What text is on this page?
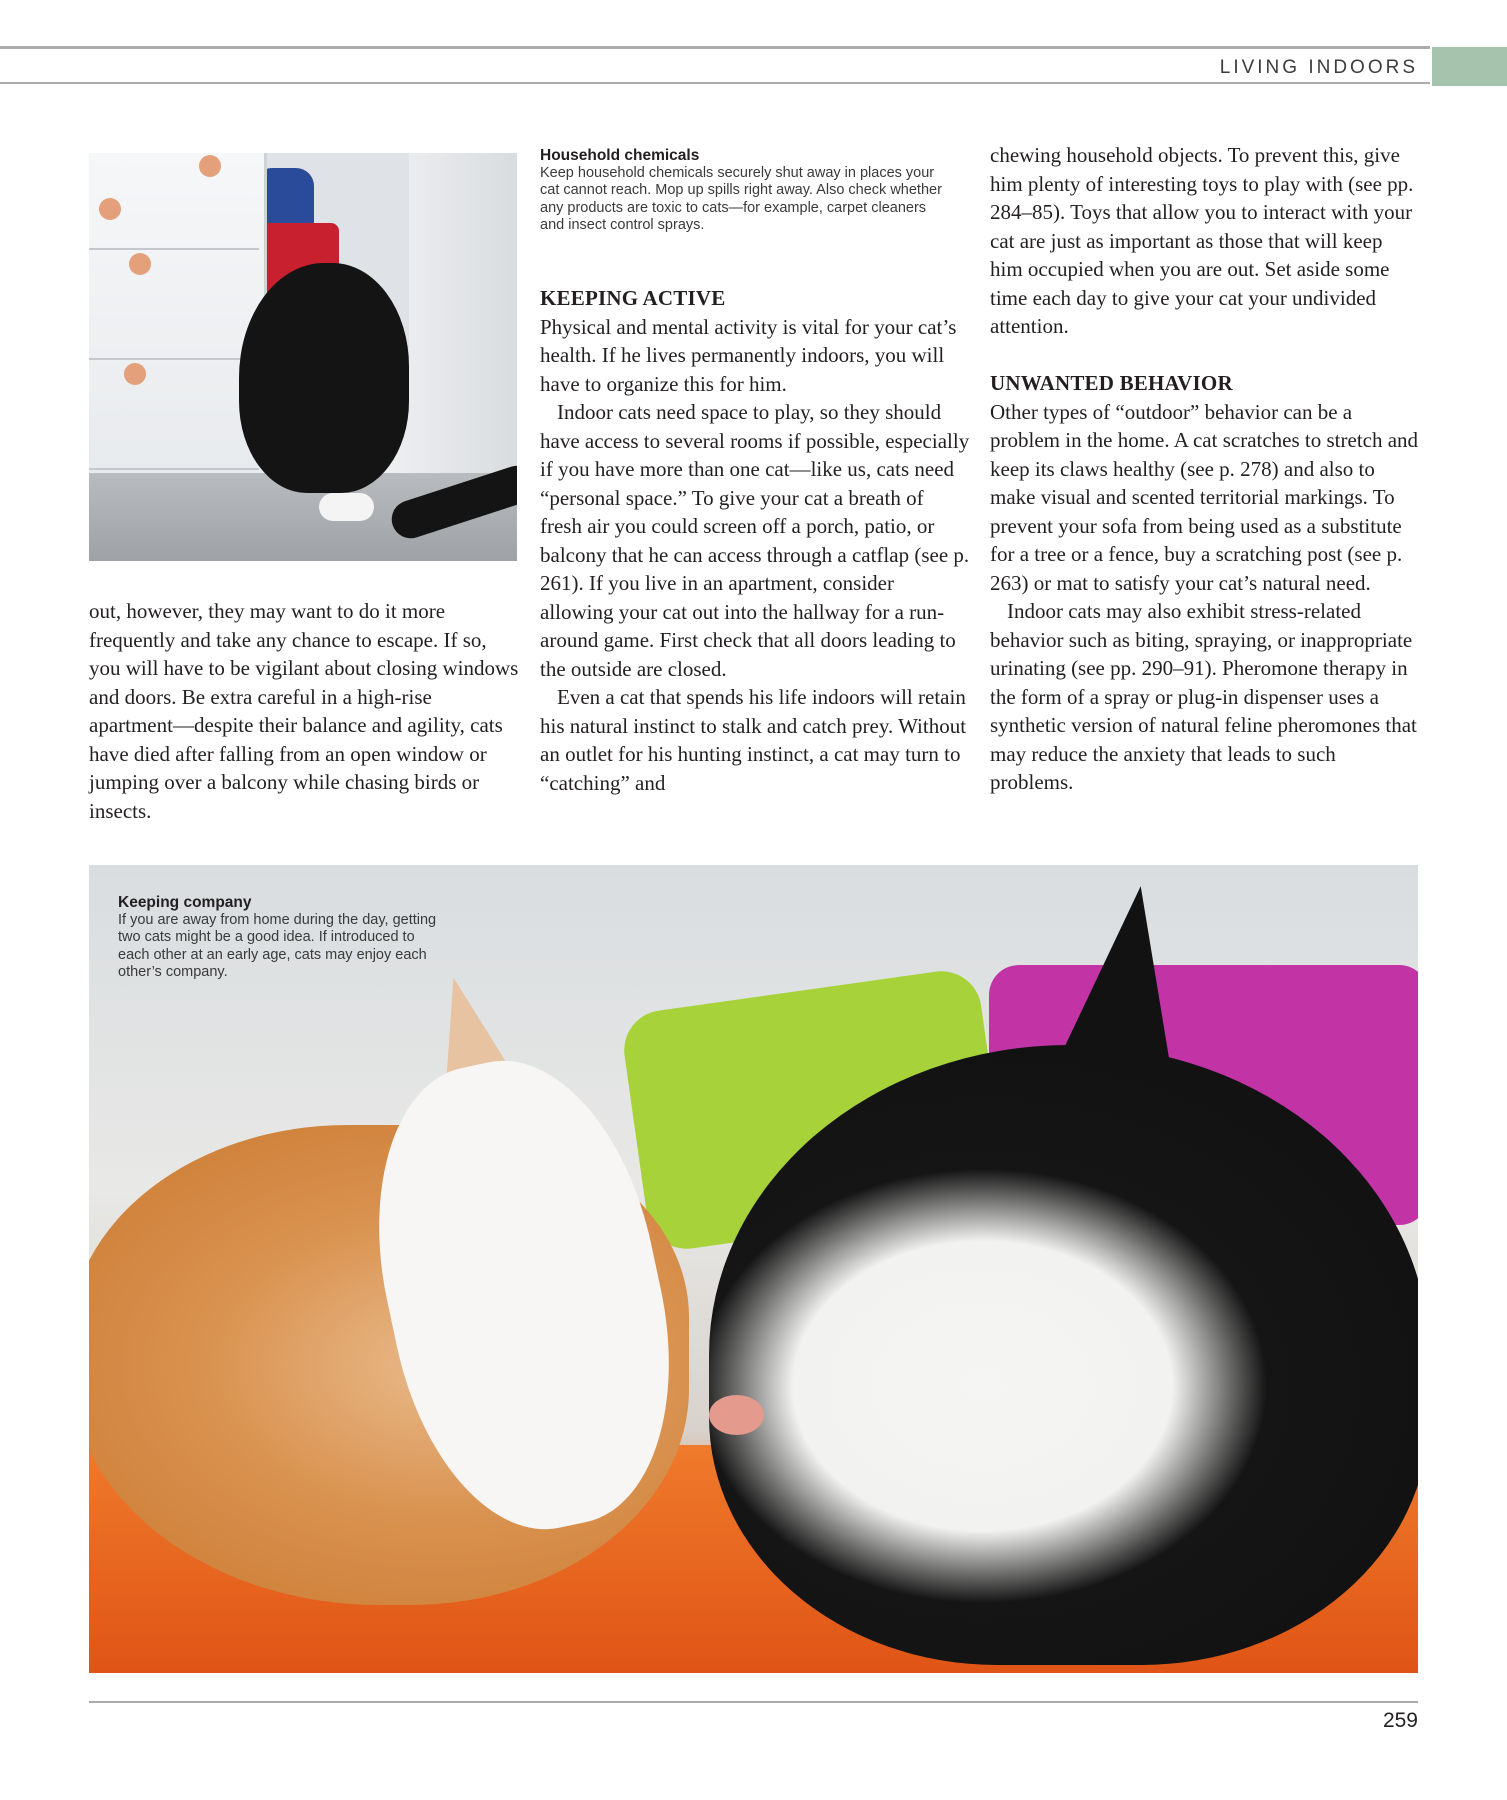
LIVING INDOORS
Household chemicals
Keep household chemicals securely shut away in places your cat cannot reach. Mop up spills right away. Also check whether any products are toxic to cats—for example, carpet cleaners and insect control sprays.

out, however, they may want to do it more frequently and take any chance to escape. If so, you will have to be vigilant about closing windows and doors. Be extra careful in a high-rise apartment—despite their balance and agility, cats have died after falling from an open window or jumping over a balcony while chasing birds or insects.

KEEPING ACTIVE

Physical and mental activity is vital for your cat’s health. If he lives permanently indoors, you will have to organize this for him.

Indoor cats need space to play, so they should have access to several rooms if possible, especially if you have more than one cat—like us, cats need “personal space.” To give your cat a breath of fresh air you could screen off a porch, patio, or balcony that he can access through a catflap (see p. 261). If you live in an apartment, consider allowing your cat out into the hallway for a run-around game. First check that all doors leading to the outside are closed.

Even a cat that spends his life indoors will retain his natural instinct to stalk and catch prey. Without an outlet for his hunting instinct, a cat may turn to “catching” and

chewing household objects. To prevent this, give him plenty of interesting toys to play with (see pp. 284–85). Toys that allow you to interact with your cat are just as important as those that will keep him occupied when you are out. Set aside some time each day to give your cat your undivided attention.

UNWANTED BEHAVIOR

Other types of “outdoor” behavior can be a problem in the home. A cat scratches to stretch and keep its claws healthy (see p. 278) and also to make visual and scented territorial markings. To prevent your sofa from being used as a substitute for a tree or a fence, buy a scratching post (see p. 263) or mat to satisfy your cat’s natural need.

Indoor cats may also exhibit stress-related behavior such as biting, spraying, or inappropriate urinating (see pp. 290–91). Pheromone therapy in the form of a spray or plug-in dispenser uses a synthetic version of natural feline pheromones that may reduce the anxiety that leads to such problems.

Keeping company
If you are away from home during the day, getting two cats might be a good idea. If introduced to each other at an early age, cats may enjoy each other’s company.
259
